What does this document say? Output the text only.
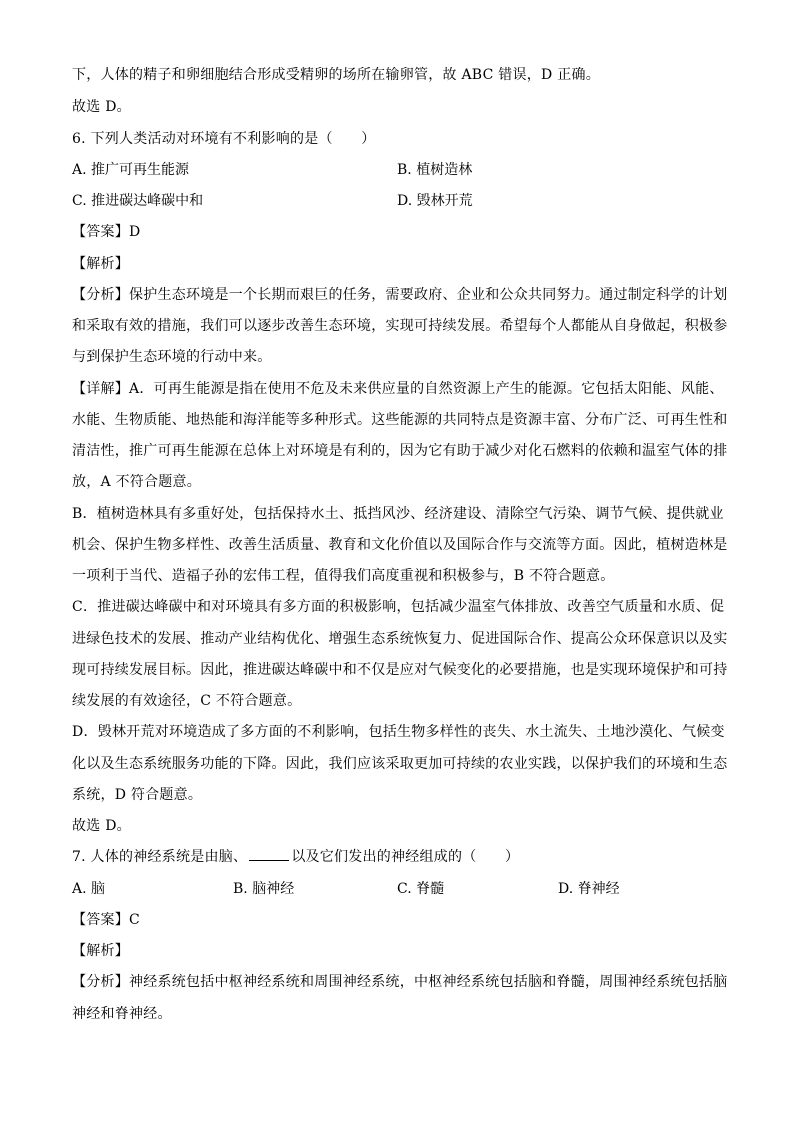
下，人体的精子和卵细胞结合形成受精卵的场所在输卵管，故 ABC 错误，D 正确。
故选 D。
6. 下列人类活动对环境有不利影响的是（　　）
A. 推广可再生能源	B. 植树造林
C. 推进碳达峰碳中和	D. 毁林开荒
【答案】D
【解析】
【分析】保护生态环境是一个长期而艰巨的任务，需要政府、企业和公众共同努力。通过制定科学的计划
和采取有效的措施，我们可以逐步改善生态环境，实现可持续发展。希望每个人都能从自身做起，积极参
与到保护生态环境的行动中来。
【详解】A．可再生能源是指在使用不危及未来供应量的自然资源上产生的能源。它包括太阳能、风能、
水能、生物质能、地热能和海洋能等多种形式。这些能源的共同特点是资源丰富、分布广泛、可再生性和
清洁性，推广可再生能源在总体上对环境是有利的，因为它有助于减少对化石燃料的依赖和温室气体的排
放，A 不符合题意。
B．植树造林具有多重好处，包括保持水土、抵挡风沙、经济建设、清除空气污染、调节气候、提供就业
机会、保护生物多样性、改善生活质量、教育和文化价值以及国际合作与交流等方面。因此，植树造林是
一项利于当代、造福子孙的宏伟工程，值得我们高度重视和积极参与，B 不符合题意。
C．推进碳达峰碳中和对环境具有多方面的积极影响，包括减少温室气体排放、改善空气质量和水质、促
进绿色技术的发展、推动产业结构优化、增强生态系统恢复力、促进国际合作、提高公众环保意识以及实
现可持续发展目标。因此，推进碳达峰碳中和不仅是应对气候变化的必要措施，也是实现环境保护和可持
续发展的有效途径，C 不符合题意。
D．毁林开荒对环境造成了多方面的不利影响，包括生物多样性的丧失、水土流失、土地沙漠化、气候变
化以及生态系统服务功能的下降。因此，我们应该采取更加可持续的农业实践，以保护我们的环境和生态
系统，D 符合题意。
故选 D。
7. 人体的神经系统是由脑、	以及它们发出的神经组成的（　　）
A. 脑	B. 脑神经	C. 脊髓	D. 脊神经
【答案】C
【解析】
【分析】神经系统包括中枢神经系统和周围神经系统，中枢神经系统包括脑和脊髓，周围神经系统包括脑
神经和脊神经。
